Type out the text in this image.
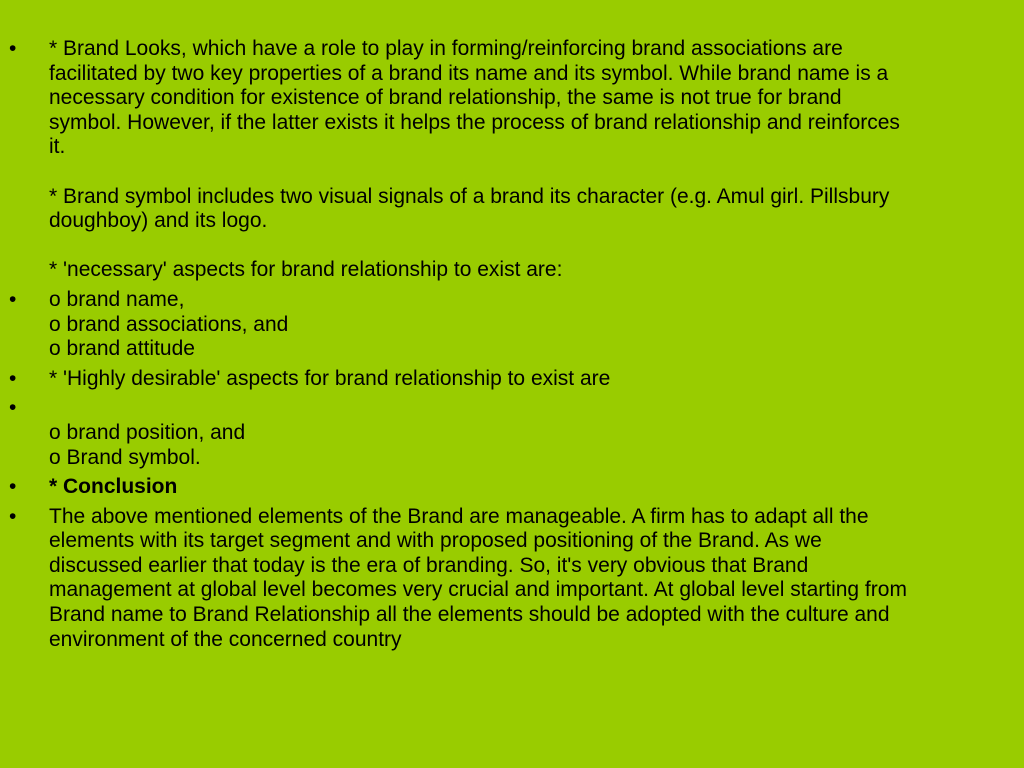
• * Brand Looks, which have a role to play in forming/reinforcing brand associations are facilitated by two key properties of a brand its name and its symbol. While brand name is a necessary condition for existence of brand relationship, the same is not true for brand symbol. However, if the latter exists it helps the process of brand relationship and reinforces it.
* Brand symbol includes two visual signals of a brand its character (e.g. Amul girl. Pillsbury doughboy) and its logo.
* 'necessary' aspects for brand relationship to exist are:
• o brand name,
o brand associations, and
o brand attitude
• * 'Highly desirable' aspects for brand relationship to exist are
•
o brand position, and
o Brand symbol.
• * Conclusion
• The above mentioned elements of the Brand are manageable. A firm has to adapt all the elements with its target segment and with proposed positioning of the Brand. As we discussed earlier that today is the era of branding. So, it's very obvious that Brand management at global level becomes very crucial and important. At global level starting from Brand name to Brand Relationship all the elements should be adopted with the culture and environment of the concerned country
